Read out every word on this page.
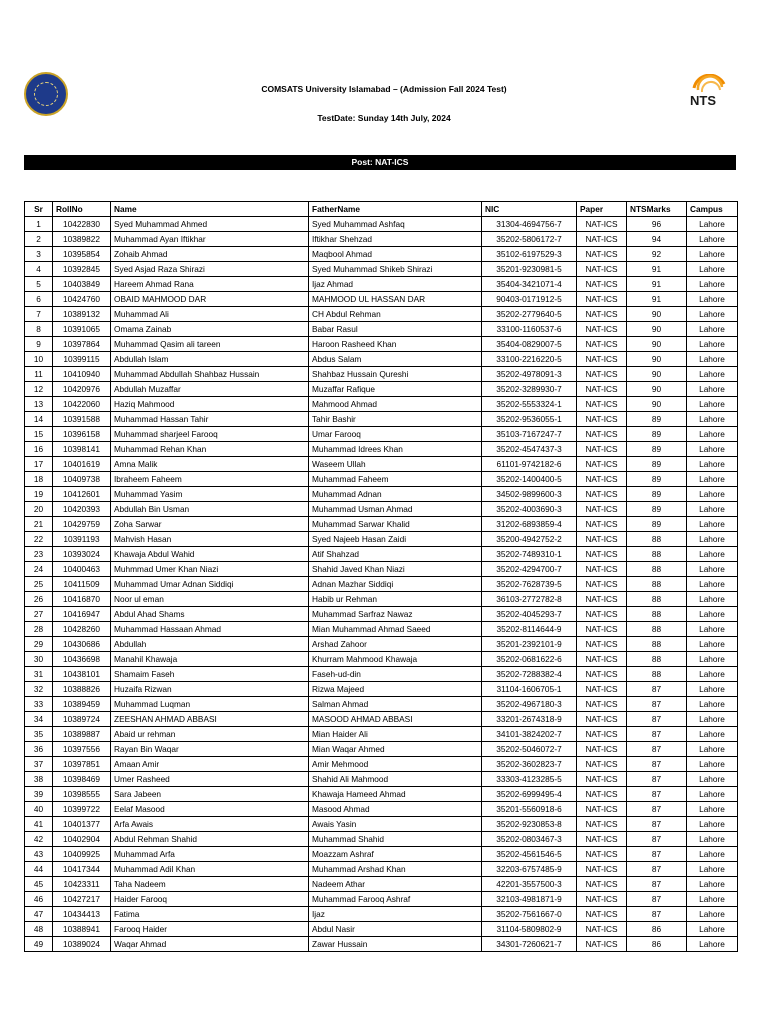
NTS
COMSATS University Islamabad – (Admission Fall 2024 Test)
TestDate: Sunday 14th July, 2024
Post: NAT-ICS
Sr	RollNo	Name	FatherName	NIC	Paper	NTSMarks	Campus
1	10422830	Syed Muhammad Ahmed	Syed Muhammad Ashfaq	31304-4694756-7	NAT-ICS	96	Lahore
2	10389822	Muhammad Ayan Iftikhar	Iftikhar Shehzad	35202-5806172-7	NAT-ICS	94	Lahore
3	10395854	Zohaib Ahmad	Maqbool Ahmad	35102-6197529-3	NAT-ICS	92	Lahore
4	10392845	Syed Asjad Raza Shirazi	Syed Muhammad Shikeb Shirazi	35201-9230981-5	NAT-ICS	91	Lahore
5	10403849	Hareem Ahmad Rana	Ijaz Ahmad	35404-3421071-4	NAT-ICS	91	Lahore
6	10424760	OBAID MAHMOOD DAR	MAHMOOD UL HASSAN DAR	90403-0171912-5	NAT-ICS	91	Lahore
7	10389132	Muhammad Ali	CH Abdul Rehman	35202-2779640-5	NAT-ICS	90	Lahore
8	10391065	Omama Zainab	Babar Rasul	33100-1160537-6	NAT-ICS	90	Lahore
9	10397864	Muhammad Qasim ali tareen	Haroon Rasheed Khan	35404-0829007-5	NAT-ICS	90	Lahore
10	10399115	Abdullah Islam	Abdus Salam	33100-2216220-5	NAT-ICS	90	Lahore
11	10410940	Muhammad Abdullah Shahbaz Hussain	Shahbaz Hussain Qureshi	35202-4978091-3	NAT-ICS	90	Lahore
12	10420976	Abdullah Muzaffar	Muzaffar Rafique	35202-3289930-7	NAT-ICS	90	Lahore
13	10422060	Haziq Mahmood	Mahmood Ahmad	35202-5553324-1	NAT-ICS	90	Lahore
14	10391588	Muhammad Hassan Tahir	Tahir Bashir	35202-9536055-1	NAT-ICS	89	Lahore
15	10396158	Muhammad sharjeel Farooq	Umar Farooq	35103-7167247-7	NAT-ICS	89	Lahore
16	10398141	Muhammad Rehan Khan	Muhammad Idrees Khan	35202-4547437-3	NAT-ICS	89	Lahore
17	10401619	Amna Malik	Waseem Ullah	61101-9742182-6	NAT-ICS	89	Lahore
18	10409738	Ibraheem Faheem	Muhammad Faheem	35202-1400400-5	NAT-ICS	89	Lahore
19	10412601	Muhammad Yasim	Muhammad Adnan	34502-9899600-3	NAT-ICS	89	Lahore
20	10420393	Abdullah Bin Usman	Muhammad Usman Ahmad	35202-4003690-3	NAT-ICS	89	Lahore
21	10429759	Zoha Sarwar	Muhammad Sarwar Khalid	31202-6893859-4	NAT-ICS	89	Lahore
22	10391193	Mahvish Hasan	Syed Najeeb Hasan Zaidi	35200-4942752-2	NAT-ICS	88	Lahore
23	10393024	Khawaja Abdul Wahid	Atif Shahzad	35202-7489310-1	NAT-ICS	88	Lahore
24	10400463	Muhmmad Umer Khan Niazi	Shahid Javed Khan Niazi	35202-4294700-7	NAT-ICS	88	Lahore
25	10411509	Muhammad Umar Adnan Siddiqi	Adnan Mazhar Siddiqi	35202-7628739-5	NAT-ICS	88	Lahore
26	10416870	Noor ul eman	Habib ur Rehman	36103-2772782-8	NAT-ICS	88	Lahore
27	10416947	Abdul Ahad Shams	Muhammad Sarfraz Nawaz	35202-4045293-7	NAT-ICS	88	Lahore
28	10428260	Muhammad Hassaan Ahmad	Mian Muhammad Ahmad Saeed	35202-8114644-9	NAT-ICS	88	Lahore
29	10430686	Abdullah	Arshad Zahoor	35201-2392101-9	NAT-ICS	88	Lahore
30	10436698	Manahil Khawaja	Khurram Mahmood Khawaja	35202-0681622-6	NAT-ICS	88	Lahore
31	10438101	Shamaim Faseh	Faseh-ud-din	35202-7288382-4	NAT-ICS	88	Lahore
32	10388826	Huzaifa Rizwan	Rizwa Majeed	31104-1606705-1	NAT-ICS	87	Lahore
33	10389459	Muhammad Luqman	Salman Ahmad	35202-4967180-3	NAT-ICS	87	Lahore
34	10389724	ZEESHAN AHMAD ABBASI	MASOOD AHMAD ABBASI	33201-2674318-9	NAT-ICS	87	Lahore
35	10389887	Abaid ur rehman	Mian Haider Ali	34101-3824202-7	NAT-ICS	87	Lahore
36	10397556	Rayan Bin Waqar	Mian Waqar Ahmed	35202-5046072-7	NAT-ICS	87	Lahore
37	10397851	Amaan Amir	Amir Mehmood	35202-3602823-7	NAT-ICS	87	Lahore
38	10398469	Umer Rasheed	Shahid Ali Mahmood	33303-4123285-5	NAT-ICS	87	Lahore
39	10398555	Sara Jabeen	Khawaja Hameed Ahmad	35202-6999495-4	NAT-ICS	87	Lahore
40	10399722	Eelaf Masood	Masood Ahmad	35201-5560918-6	NAT-ICS	87	Lahore
41	10401377	Arfa Awais	Awais Yasin	35202-9230853-8	NAT-ICS	87	Lahore
42	10402904	Abdul Rehman Shahid	Muhammad Shahid	35202-0803467-3	NAT-ICS	87	Lahore
43	10409925	Muhammad Arfa	Moazzam Ashraf	35202-4561546-5	NAT-ICS	87	Lahore
44	10417344	Muhammad Adil Khan	Muhammad Arshad Khan	32203-6757485-9	NAT-ICS	87	Lahore
45	10423311	Taha Nadeem	Nadeem Athar	42201-3557500-3	NAT-ICS	87	Lahore
46	10427217	Haider Farooq	Muhammad Farooq Ashraf	32103-4981871-9	NAT-ICS	87	Lahore
47	10434413	Fatima	Ijaz	35202-7561667-0	NAT-ICS	87	Lahore
48	10388941	Farooq Haider	Abdul Nasir	31104-5809802-9	NAT-ICS	86	Lahore
49	10389024	Waqar Ahmad	Zawar Hussain	34301-7260621-7	NAT-ICS	86	Lahore
